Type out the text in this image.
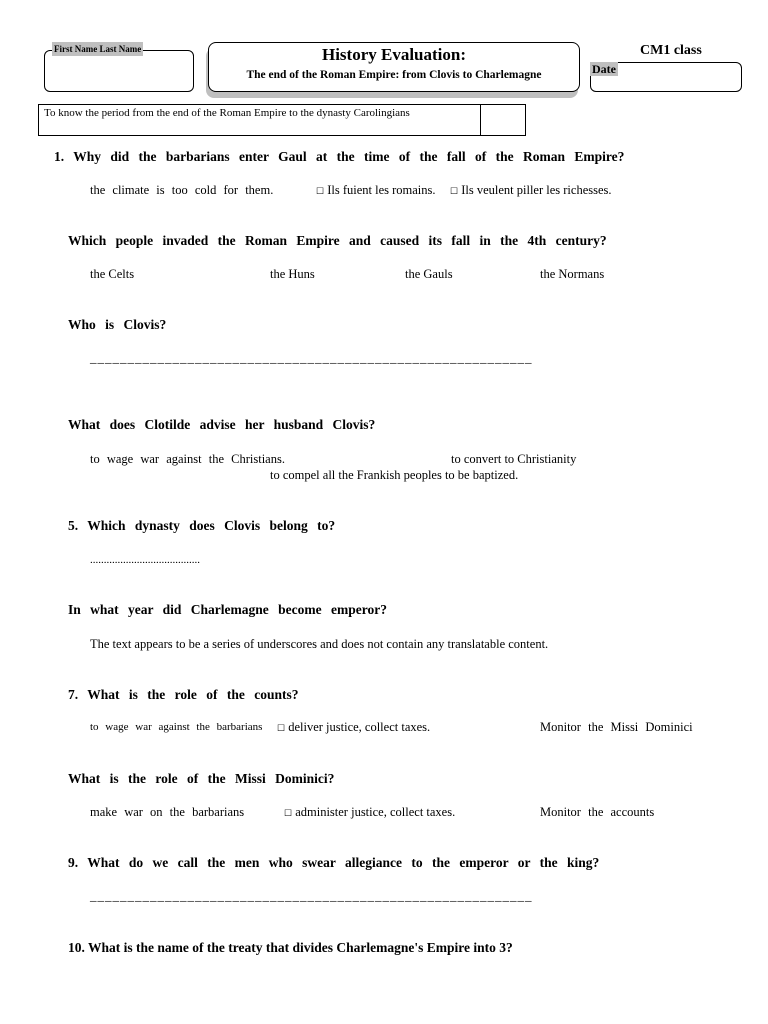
First Name Last Name	History Evaluation:
The end of the Roman Empire: from Clovis to Charlemagne
CM1 class
Date
To know the period from the end of the Roman Empire to the dynasty Carolingians
1. Why did the barbarians enter Gaul at the time of the fall of the Roman Empire?
the climate is too cold for them.	☐ Ils fuient les romains. ☐ Ils veulent piller les richesses.
Which people invaded the Roman Empire and caused its fall in the 4th century?
the Celts	the Huns	the Gauls	the Normans
Who is Clovis?
___________________________________________________________
What does Clotilde advise her husband Clovis?
to wage war against the Christians.	to convert to Christianity
to compel all the Frankish peoples to be baptized.
5. Which dynasty does Clovis belong to?
........................................
In what year did Charlemagne become emperor?
The text appears to be a series of underscores and does not contain any translatable content.
7. What is the role of the counts?
to wage war against the barbarians ☐ deliver justice, collect taxes.	Monitor the Missi Dominici
What is the role of the Missi Dominici?
make war on the barbarians	☐ administer justice, collect taxes.	Monitor the accounts
9. What do we call the men who swear allegiance to the emperor or the king?
___________________________________________________________
10. What is the name of the treaty that divides Charlemagne's Empire into 3?
